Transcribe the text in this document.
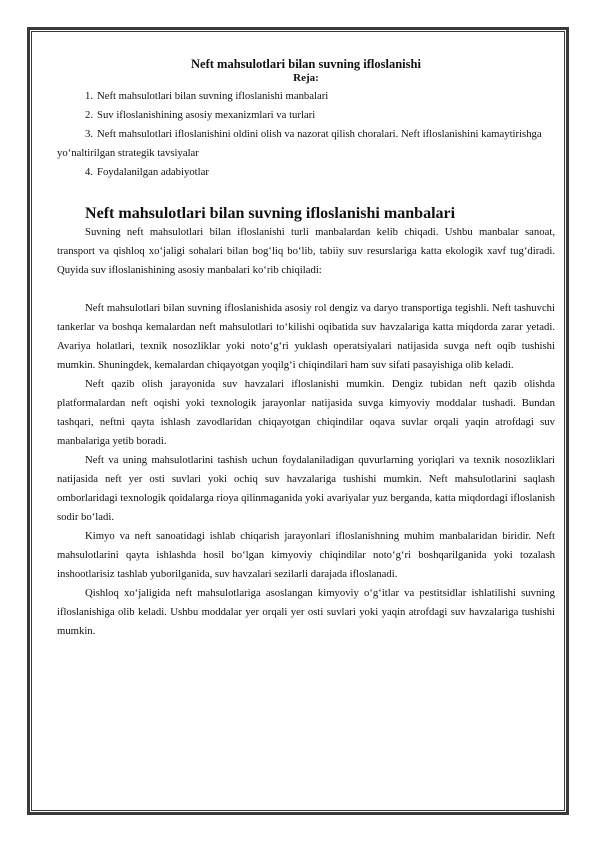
Neft mahsulotlari bilan suvning ifloslanishi
Reja:
1. Neft mahsulotlari bilan suvning ifloslanishi manbalari
2. Suv ifloslanishining asosiy mexanizmlari va turlari
3. Neft mahsulotlari ifloslanishini oldini olish va nazorat qilish choralari. Neft ifloslanishini kamaytirishga yo‘naltirilgan strategik tavsiyalar
4. Foydalanilgan adabiyotlar
Neft mahsulotlari bilan suvning ifloslanishi manbalari

Suvning neft mahsulotlari bilan ifloslanishi turli manbalardan kelib chiqadi. Ushbu manbalar sanoat, transport va qishloq xo‘jaligi sohalari bilan bog‘liq bo‘lib, tabiiy suv resurslariga katta ekologik xavf tug‘diradi. Quyida suv ifloslanishining asosiy manbalari ko‘rib chiqiladi:

Neft mahsulotlari bilan suvning ifloslanishida asosiy rol dengiz va daryo transportiga tegishli. Neft tashuvchi tankerlar va boshqa kemalardan neft mahsulotlari to‘kilishi oqibatida suv havzalariga katta miqdorda zarar yetadi. Avariya holatlari, texnik nosozliklar yoki noto‘g‘ri yuklash operatsiyalari natijasida suvga neft oqib tushishi mumkin. Shuningdek, kemalardan chiqayotgan yoqilg‘i chiqindilari ham suv sifati pasayishiga olib keladi.

Neft qazib olish jarayonida suv havzalari ifloslanishi mumkin. Dengiz tubidan neft qazib olishda platformalardan neft oqishi yoki texnologik jarayonlar natijasida suvga kimyoviy moddalar tushadi. Bundan tashqari, neftni qayta ishlash zavodlaridan chiqayotgan chiqindilar oqava suvlar orqali yaqin atrofdagi suv manbalariga yetib boradi.

Neft va uning mahsulotlarini tashish uchun foydalaniladigan quvurlarning yoriqlari va texnik nosozliklari natijasida neft yer osti suvlari yoki ochiq suv havzalariga tushishi mumkin. Neft mahsulotlarini saqlash omborlaridagi texnologik qoidalarga rioya qilinmaganida yoki avariyalar yuz berganda, katta miqdordagi ifloslanish sodir bo‘ladi.

Kimyo va neft sanoatidagi ishlab chiqarish jarayonlari ifloslanishning muhim manbalaridan biridir. Neft mahsulotlarini qayta ishlashda hosil bo‘lgan kimyoviy chiqindilar noto‘g‘ri boshqarilganida yoki tozalash inshootlarisiz tashlab yuborilganida, suv havzalari sezilarli darajada ifloslanadi.

Qishloq xo‘jaligida neft mahsulotlariga asoslangan kimyoviy o‘g‘itlar va pestitsidlar ishlatilishi suvning ifloslanishiga olib keladi. Ushbu moddalar yer orqali yer osti suvlari yoki yaqin atrofdagi suv havzalariga tushishi mumkin.
